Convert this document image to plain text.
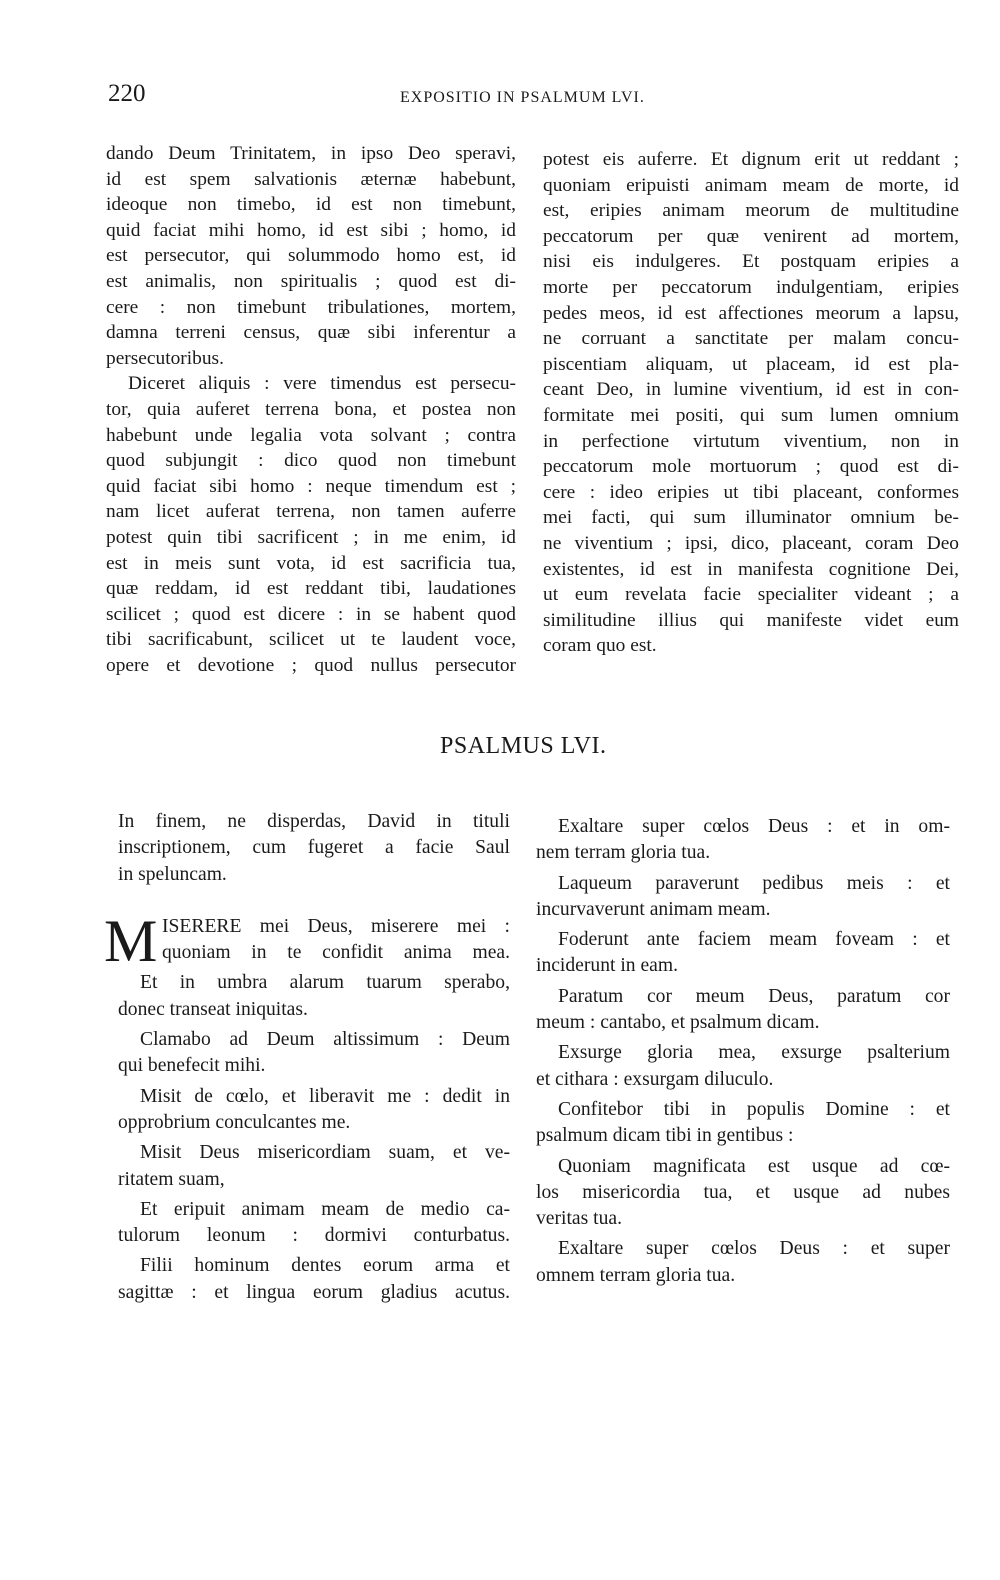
220	EXPOSITIO IN PSALMUM LVI.
dando Deum Trinitatem, in ipso Deo speravi,
id est spem salvationis æternæ habebunt,
ideoque non timebo, id est non timebunt,
quid faciat mihi homo, id est sibi ; homo, id
est persecutor, qui solummodo homo est, id
est animalis, non spiritualis ; quod est di-
cere : non timebunt tribulationes, mortem,
damna terreni census, quæ sibi inferentur a
persecutoribus.
Diceret aliquis : vere timendus est persecu-
tor, quia auferet terrena bona, et postea non
habebunt unde legalia vota solvant ; contra
quod subjungit : dico quod non timebunt
quid faciat sibi homo : neque timendum est ;
nam licet auferat terrena, non tamen auferre
potest quin tibi sacrificent ; in me enim, id
est in meis sunt vota, id est sacrificia tua,
quæ reddam, id est reddant tibi, laudationes
scilicet ; quod est dicere : in se habent quod
tibi sacrificabunt, scilicet ut te laudent voce,
opere et devotione ; quod nullus persecutor
potest eis auferre. Et dignum erit ut reddant ;
quoniam eripuisti animam meam de morte, id
est, eripies animam meorum de multitudine
peccatorum per quæ venirent ad mortem,
nisi eis indulgeres. Et postquam eripies a
morte per peccatorum indulgentiam, eripies
pedes meos, id est affectiones meorum a lapsu,
ne corruant a sanctitate per malam concu-
piscentiam aliquam, ut placeam, id est pla-
ceant Deo, in lumine viventium, id est in con-
formitate mei positi, qui sum lumen omnium
in perfectione virtutum viventium, non in
peccatorum mole mortuorum ; quod est di-
cere : ideo eripies ut tibi placeant, conformes
mei facti, qui sum illuminator omnium be-
ne viventium ; ipsi, dico, placeant, coram Deo
existentes, id est in manifesta cognitione Dei,
ut eum revelata facie specialiter videant ; a
similitudine illius qui manifeste videt eum
coram quo est.
PSALMUS LVI.
In finem, ne disperdas, David in tituli
inscriptionem, cum fugeret a facie Saul
in speluncam.
M ISERERE mei Deus, miserere mei :
quoniam in te confidit anima mea.
Et in umbra alarum tuarum sperabo,
donec transeat iniquitas.
Clamabo ad Deum altissimum : Deum
qui benefecit mihi.
Misit de cœlo, et liberavit me : dedit in
opprobrium conculcantes me.
Misit Deus misericordiam suam, et ve-
ritatem suam,
Et eripuit animam meam de medio ca-
tulorum leonum : dormivi conturbatus.
Filii hominum dentes eorum arma et
sagittæ : et lingua eorum gladius acutus.
Exaltare super cœlos Deus : et in om-
nem terram gloria tua.
Laqueum paraverunt pedibus meis : et
incurvaverunt animam meam.
Foderunt ante faciem meam foveam : et
inciderunt in eam.
Paratum cor meum Deus, paratum cor
meum : cantabo, et psalmum dicam.
Exsurge gloria mea, exsurge psalterium
et cithara : exsurgam diluculo.
Confitebor tibi in populis Domine : et
psalmum dicam tibi in gentibus :
Quoniam magnificata est usque ad cœ-
los misericordia tua, et usque ad nubes
veritas tua.
Exaltare super cœlos Deus : et super
omnem terram gloria tua.
